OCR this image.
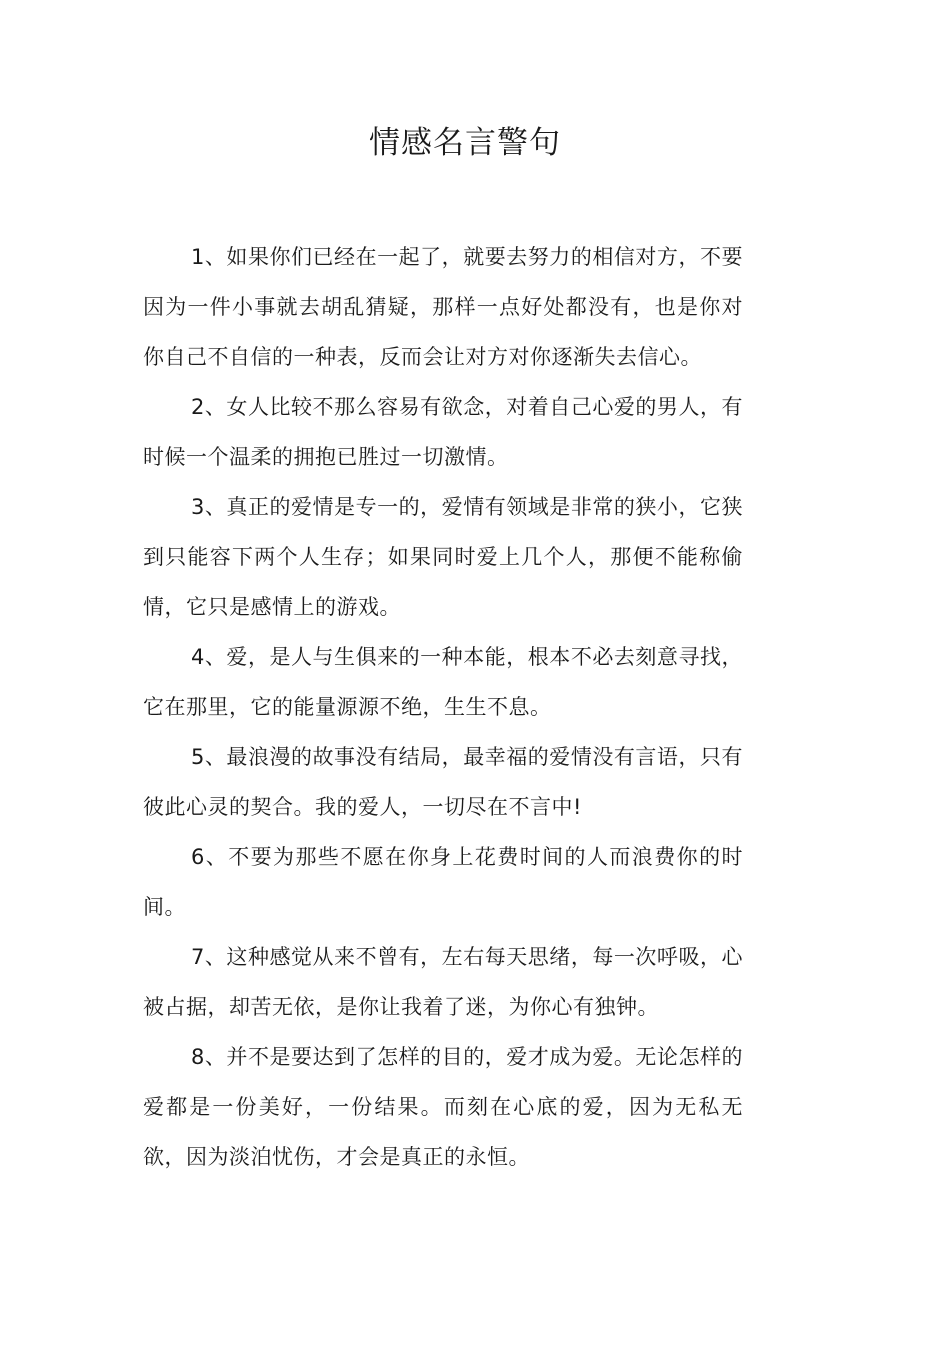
情感名言警句

1、如果你们已经在一起了，就要去努力的相信对方，不要因为一件小事就去胡乱猜疑，那样一点好处都没有，也是你对你自己不自信的一种表，反而会让对方对你逐渐失去信心。

2、女人比较不那么容易有欲念，对着自己心爱的男人，有时候一个温柔的拥抱已胜过一切激情。

3、真正的爱情是专一的，爱情有领域是非常的狭小，它狭到只能容下两个人生存；如果同时爱上几个人，那便不能称偷情，它只是感情上的游戏。

4、爱，是人与生俱来的一种本能，根本不必去刻意寻找，它在那里，它的能量源源不绝，生生不息。

5、最浪漫的故事没有结局，最幸福的爱情没有言语，只有彼此心灵的契合。我的爱人，一切尽在不言中!

6、不要为那些不愿在你身上花费时间的人而浪费你的时间。

7、这种感觉从来不曾有，左右每天思绪，每一次呼吸，心被占据，却苦无依，是你让我着了迷，为你心有独钟。

8、并不是要达到了怎样的目的，爱才成为爱。无论怎样的爱都是一份美好，一份结果。而刻在心底的爱，因为无私无欲，因为淡泊忧伤，才会是真正的永恒。
